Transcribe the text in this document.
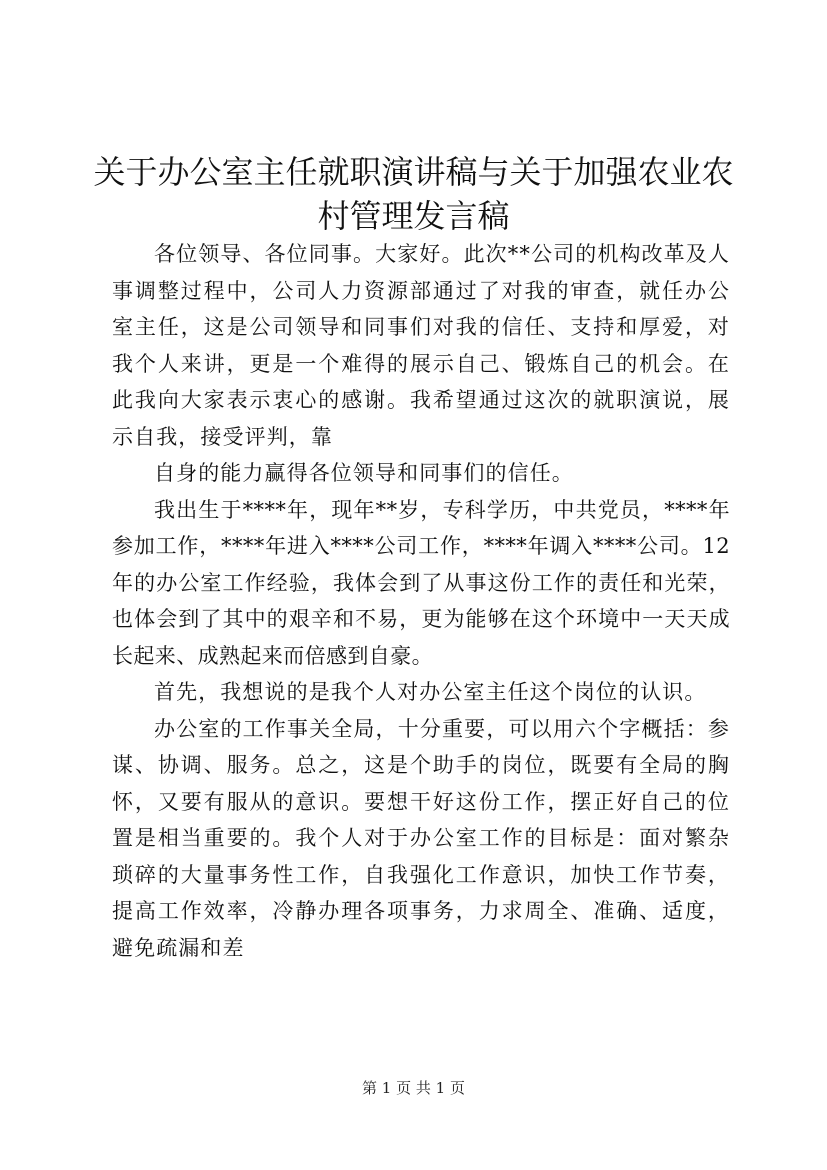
关于办公室主任就职演讲稿与关于加强农业农
村管理发言稿

各位领导、各位同事。大家好。此次**公司的机构改革及人事调整过程中，公司人力资源部通过了对我的审查，就任办公室主任，这是公司领导和同事们对我的信任、支持和厚爱，对我个人来讲，更是一个难得的展示自己、锻炼自己的机会。在此我向大家表示衷心的感谢。我希望通过这次的就职演说，展示自我，接受评判，靠

自身的能力赢得各位领导和同事们的信任。

我出生于****年，现年**岁，专科学历，中共党员，****年参加工作，****年进入****公司工作，****年调入****公司。12年的办公室工作经验，我体会到了从事这份工作的责任和光荣，也体会到了其中的艰辛和不易，更为能够在这个环境中一天天成长起来、成熟起来而倍感到自豪。

首先，我想说的是我个人对办公室主任这个岗位的认识。

办公室的工作事关全局，十分重要，可以用六个字概括：参谋、协调、服务。总之，这是个助手的岗位，既要有全局的胸怀，又要有服从的意识。要想干好这份工作，摆正好自己的位置是相当重要的。我个人对于办公室工作的目标是：面对繁杂琐碎的大量事务性工作，自我强化工作意识，加快工作节奏，提高工作效率，冷静办理各项事务，力求周全、准确、适度，避免疏漏和差

第 1 页 共 1 页
